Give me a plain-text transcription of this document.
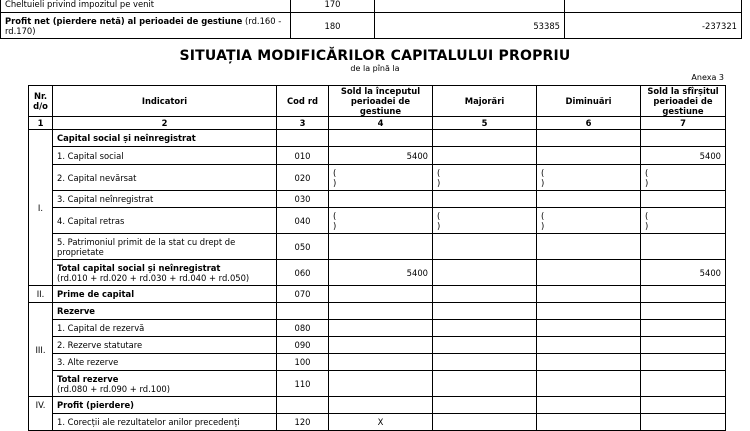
Cheltuieli privind impozitul pe venit	170		
Profit net (pierdere netă) al perioadei de gestiune (rd.160 -
rd.170)	180	53385	-237321
SITUAȚIA MODIFICĂRILOR CAPITALULUI PROPRIU
de la pînă la
Anexa 3
Nr. d/o	Indicatori	Cod rd	Sold la începutul perioadei de gestiune	Majorări	Diminuări	Sold la sfîrșitul perioadei de gestiune
1	2	3	4	5	6	7
I.	Capital social și neînregistrat					
	1. Capital social	010	5400			5400
	2. Capital nevărsat	020	(
)	(
)	(
)	(
)

	3. Capital neînregistrat	030				
	4. Capital retras	040	(
)	(
)	(
)	(
)

	5. Patrimoniul primit de la stat cu drept de proprietate	050				
	Total capital social și neînregistrat
(rd.010 + rd.020 + rd.030 + rd.040 + rd.050)	060	5400			5400
II.	Prime de capital	070				
III.	Rezerve					
	1. Capital de rezervă	080				
	2. Rezerve statutare	090				
	3. Alte rezerve	100				
	Total rezerve
(rd.080 + rd.090 + rd.100)	110				
IV.	Profit (pierdere)					
	1. Corecții ale rezultatelor anilor precedenți	120	X			
